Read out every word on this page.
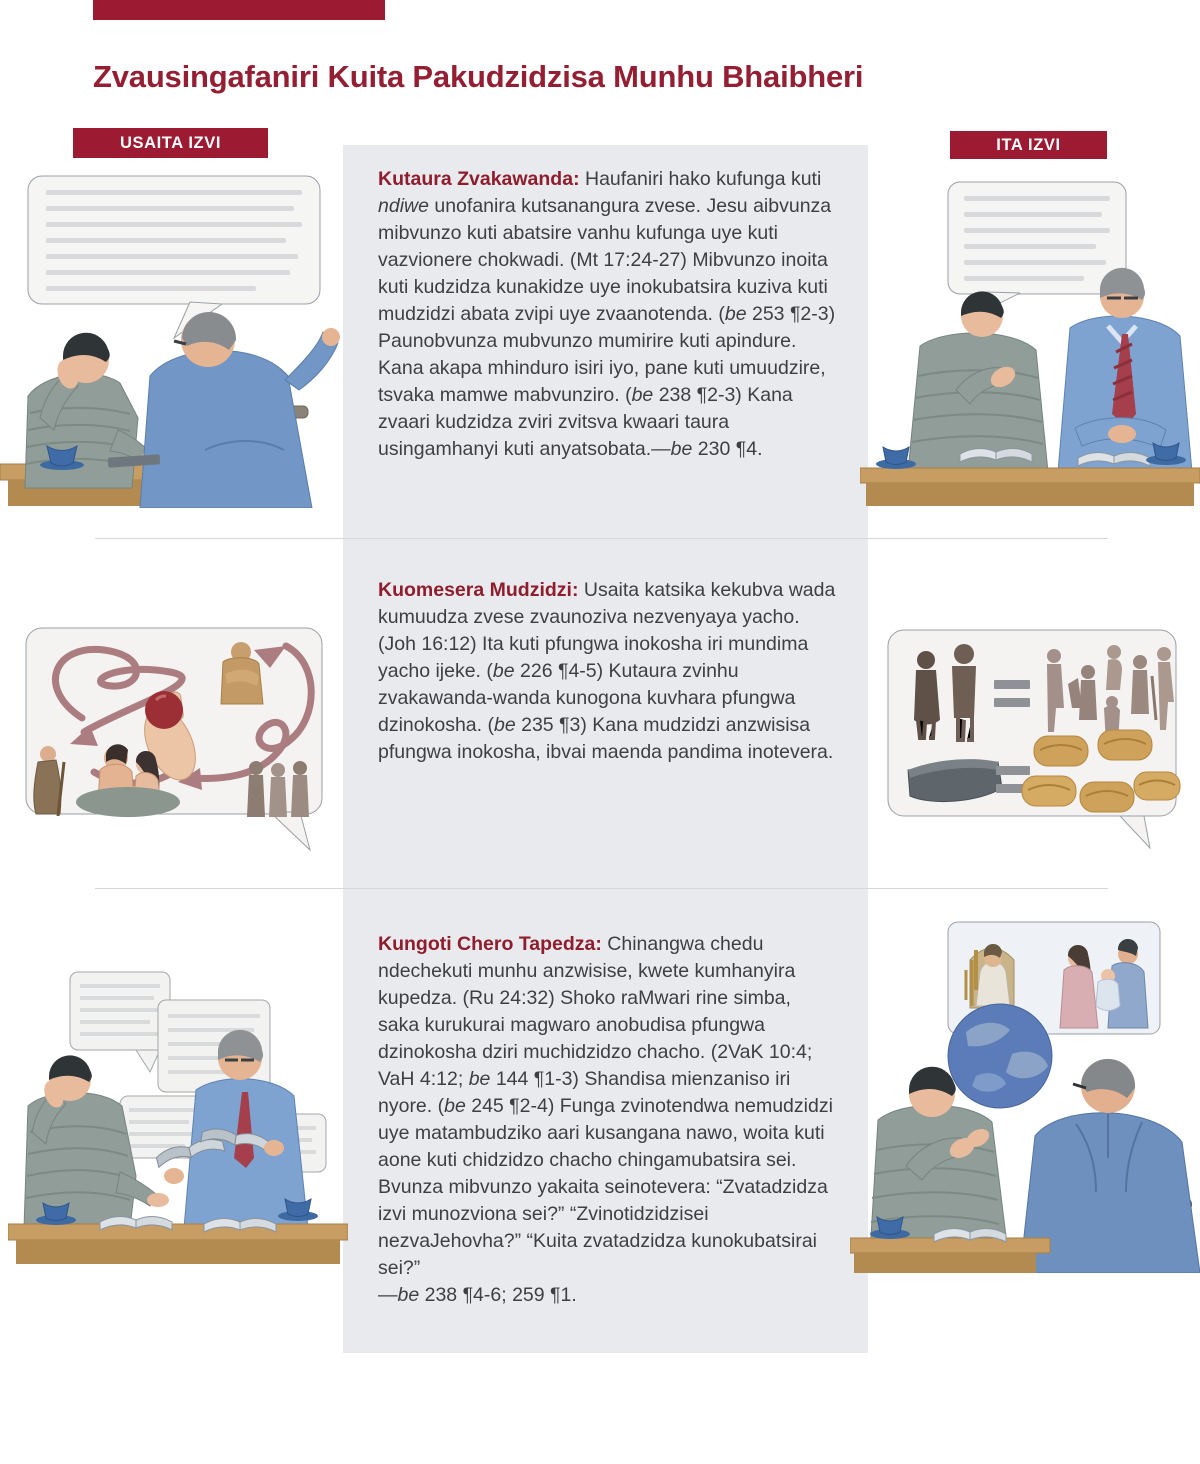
Zvausingafaniri Kuita Pakudzidzisa Munhu Bhaibheri
USAITA IZVI	ITA IZVI
Kutaura Zvakawanda: Haufaniri hako kufunga kuti ndiwe unofanira kutsanangura zvese. Jesu aibvunza mibvunzo kuti abatsire vanhu kufunga uye kuti vazvionere chokwadi. (Mt 17:24-27) Mibvunzo inoita kuti kudzidza kunakidze uye inokubatsira kuziva kuti mudzidzi abata zvipi uye zvaanotenda. (be 253 ¶2-3) Paunobvunza mubvunzo mumirire kuti apindure. Kana akapa mhinduro isiri iyo, pane kuti umuudzire, tsvaka mamwe mabvunziro. (be 238 ¶2-3) Kana zvaari kudzidza zviri zvitsva kwaari taura usingamhanyi kuti anyatsobata.—be 230 ¶4.
Kuomesera Mudzidzi: Usaita katsika kekubva wada kumuudza zvese zvaunoziva nezvenyaya yacho. (Joh 16:12) Ita kuti pfungwa inokosha iri mundima yacho ijeke. (be 226 ¶4-5) Kutaura zvinhu zvakawanda-wanda kunogona kuvhara pfungwa dzinokosha. (be 235 ¶3) Kana mudzidzi anzwisisa pfungwa inokosha, ibvai maenda pandima inotevera.
Kungoti Chero Tapedza: Chinangwa chedu ndechekuti munhu anzwisise, kwete kumhanyira kupedza. (Ru 24:32) Shoko raMwari rine simba, saka kurukurai magwaro anobudisa pfungwa dzinokosha dziri muchidzidzo chacho. (2VaK 10:4; VaH 4:12; be 144 ¶1-3) Shandisa mienzaniso iri nyore. (be 245 ¶2-4) Funga zvinotendwa nemudzidzi uye matambudziko aari kusangana nawo, woita kuti aone kuti chidzidzo chacho chingamubatsira sei. Bvunza mibvunzo yakaita seinotevera: “Zvatadzidza izvi munozviona sei?” “Zvinotidzidzisei nezvaJehovha?” “Kuita zvatadzidza kunokubatsirai sei?”
—be 238 ¶4-6; 259 ¶1.
